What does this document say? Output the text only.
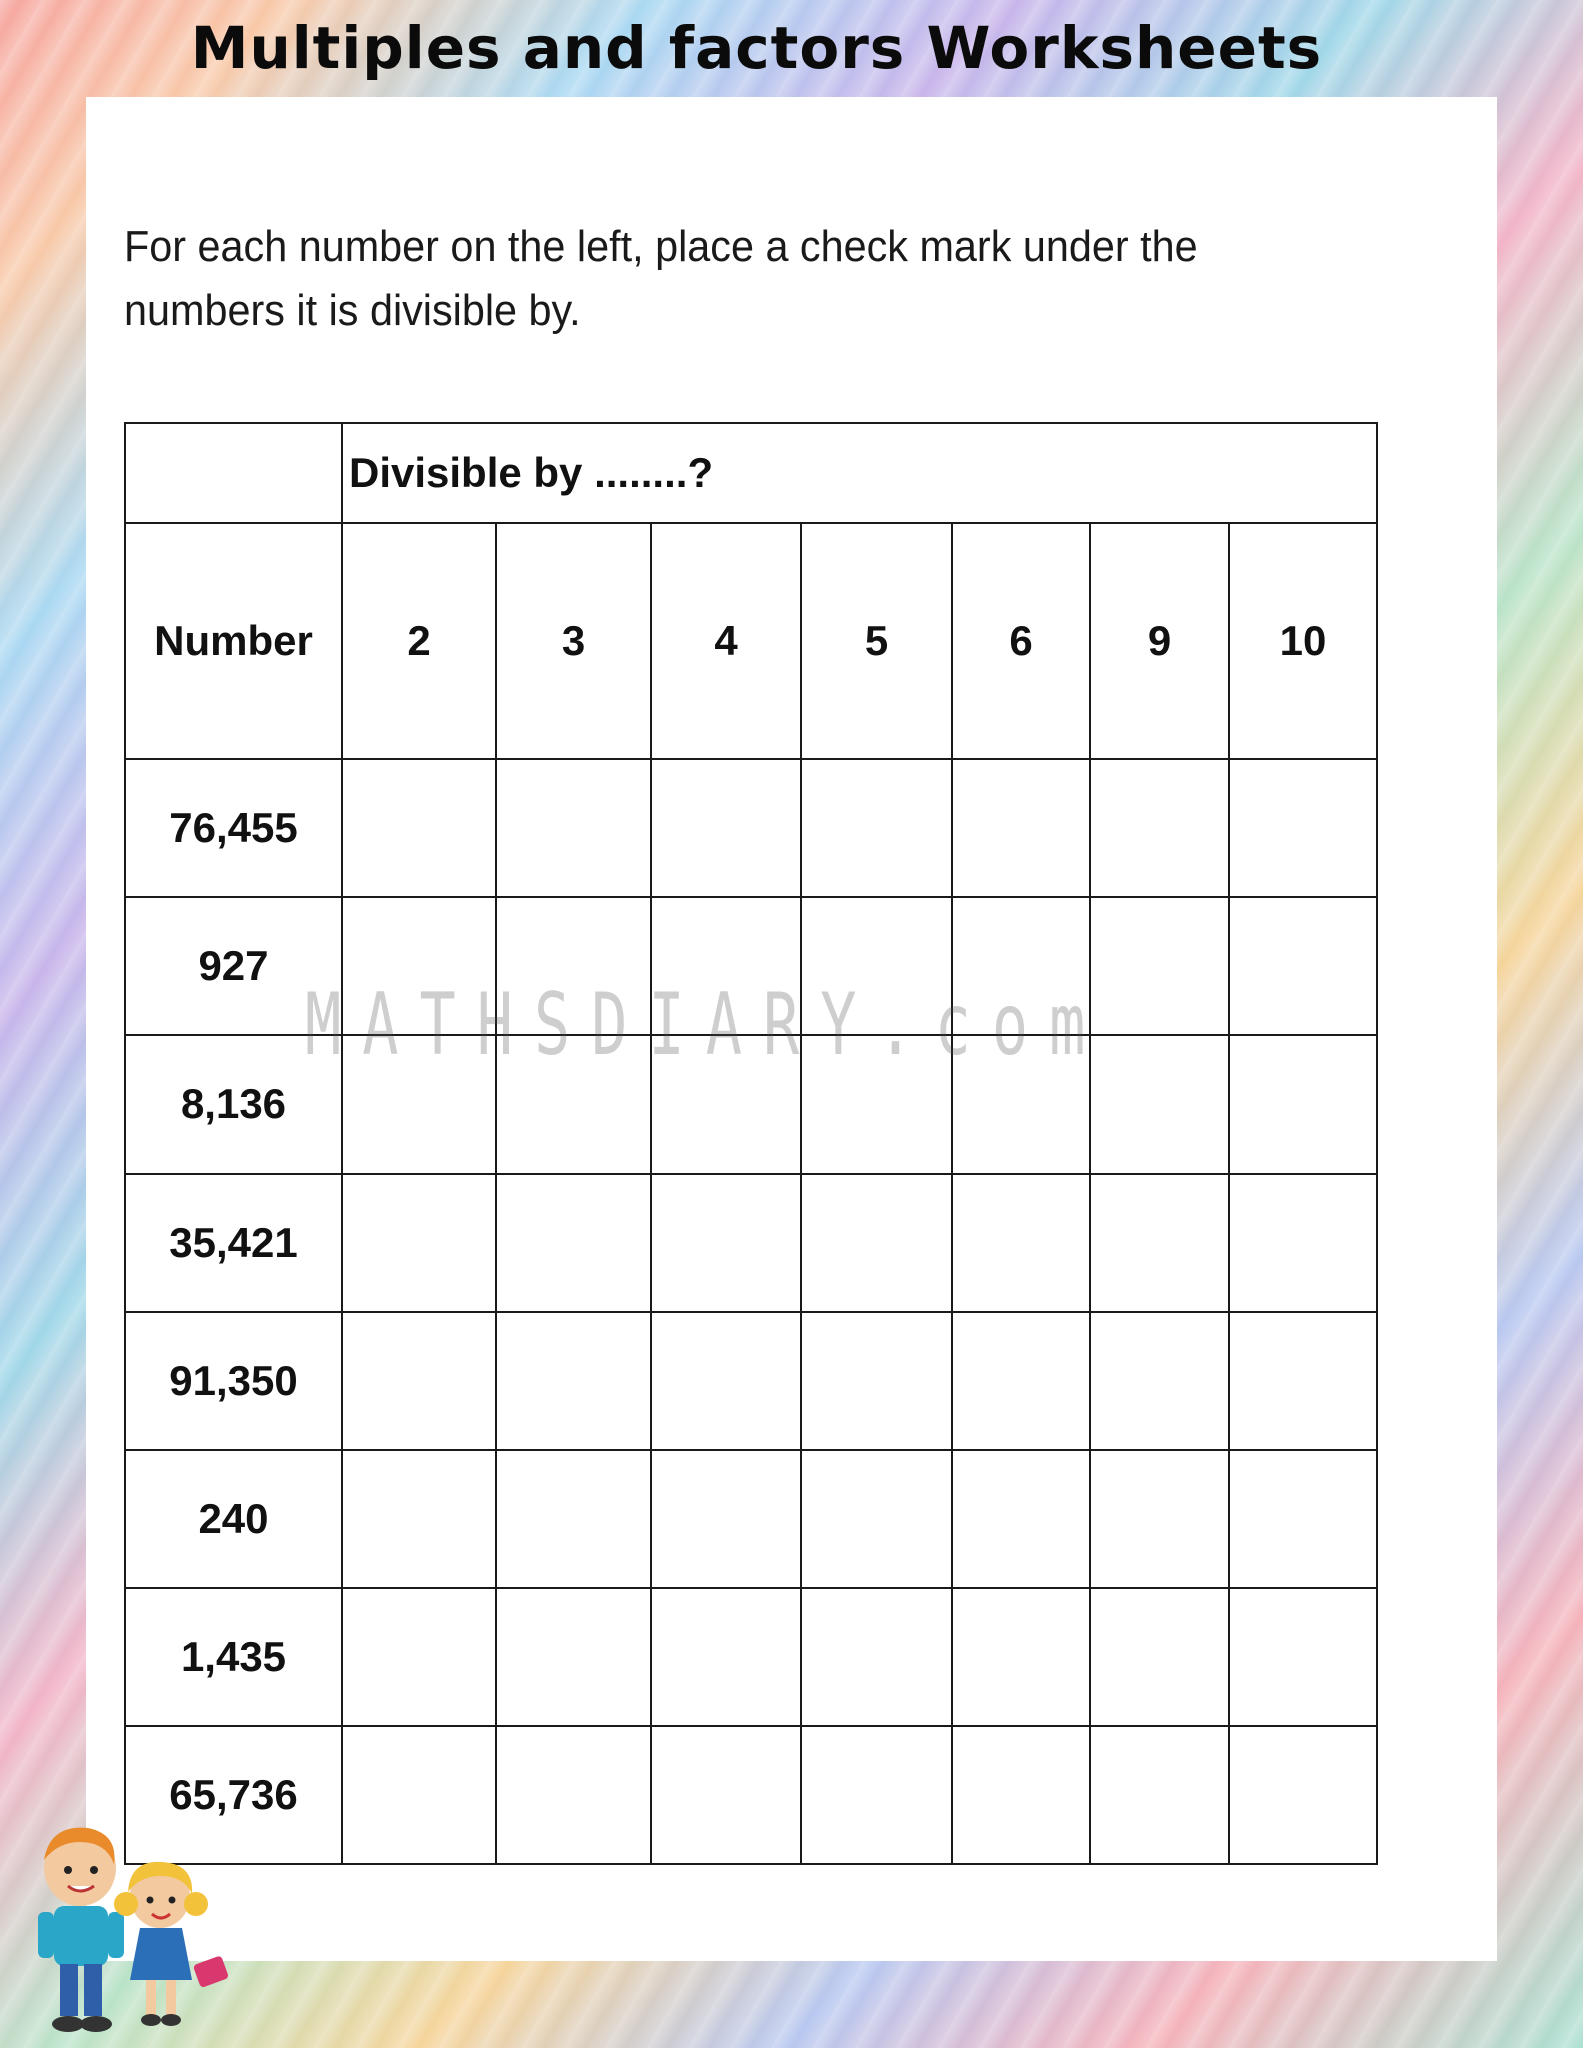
Multiples and factors Worksheets
For each number on the left, place a check mark under the numbers it is divisible by.
	Divisible by ........?						
Number	2	3	4	5	6	9	10
76,455							
927							
8,136							
35,421							
91,350							
240							
1,435							
65,736							
MATHSDIARY.com
